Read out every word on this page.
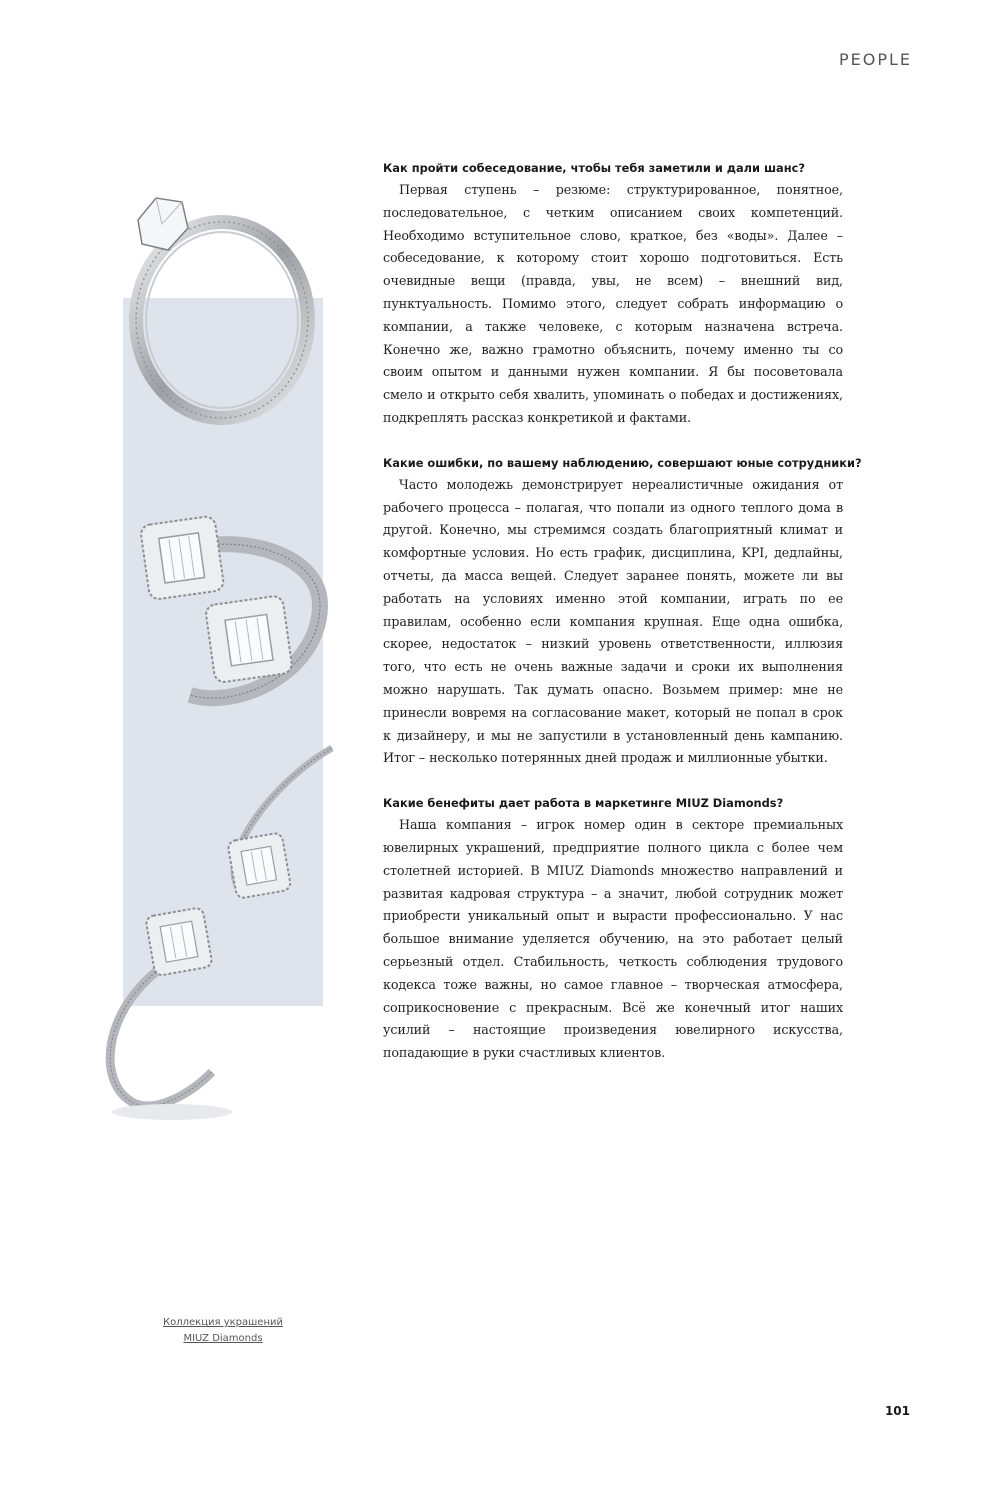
PEOPLE

Как пройти собеседование, чтобы тебя заметили и дали шанс?

Первая ступень – резюме: структурированное, понятное, последовательное, с четким описанием своих компетенций. Необходимо вступительное слово, краткое, без «воды». Далее – собеседование, к которому стоит хорошо подготовиться. Есть очевидные вещи (правда, увы, не всем) – внешний вид, пунктуальность. Помимо этого, следует собрать информацию о компании, а также человеке, с которым назначена встреча. Конечно же, важно грамотно объяснить, почему именно ты со своим опытом и данными нужен компании. Я бы посоветовала смело и открыто себя хвалить, упоминать о победах и достижениях, подкреплять рассказ конкретикой и фактами.

Какие ошибки, по вашему наблюдению, совершают юные сотрудники?

Часто молодежь демонстрирует нереалистичные ожидания от рабочего процесса – полагая, что попали из одного теплого дома в другой. Конечно, мы стремимся создать благоприятный климат и комфортные условия. Но есть график, дисциплина, KPI, дедлайны, отчеты, да масса вещей. Следует заранее понять, можете ли вы работать на условиях именно этой компании, играть по ее правилам, особенно если компания крупная. Еще одна ошибка, скорее, недостаток – низкий уровень ответственности, иллюзия того, что есть не очень важные задачи и сроки их выполнения можно нарушать. Так думать опасно. Возьмем пример: мне не принесли вовремя на согласование макет, который не попал в срок к дизайнеру, и мы не запустили в установленный день кампанию. Итог – несколько потерянных дней продаж и миллионные убытки.

Какие бенефиты дает работа в маркетинге MIUZ Diamonds?

Наша компания – игрок номер один в секторе премиальных ювелирных украшений, предприятие полного цикла с более чем столетней историей. В MIUZ Diamonds множество направлений и развитая кадровая структура – а значит, любой сотрудник может приобрести уникальный опыт и вырасти профессионально. У нас большое внимание уделяется обучению, на это работает целый серьезный отдел. Стабильность, четкость соблюдения трудового кодекса тоже важны, но самое главное – творческая атмосфера, соприкосновение с прекрасным. Всё же конечный итог наших усилий – настоящие произведения ювелирного искусства, попадающие в руки счастливых клиентов.

Коллекция украшений
MIUZ Diamonds
101
